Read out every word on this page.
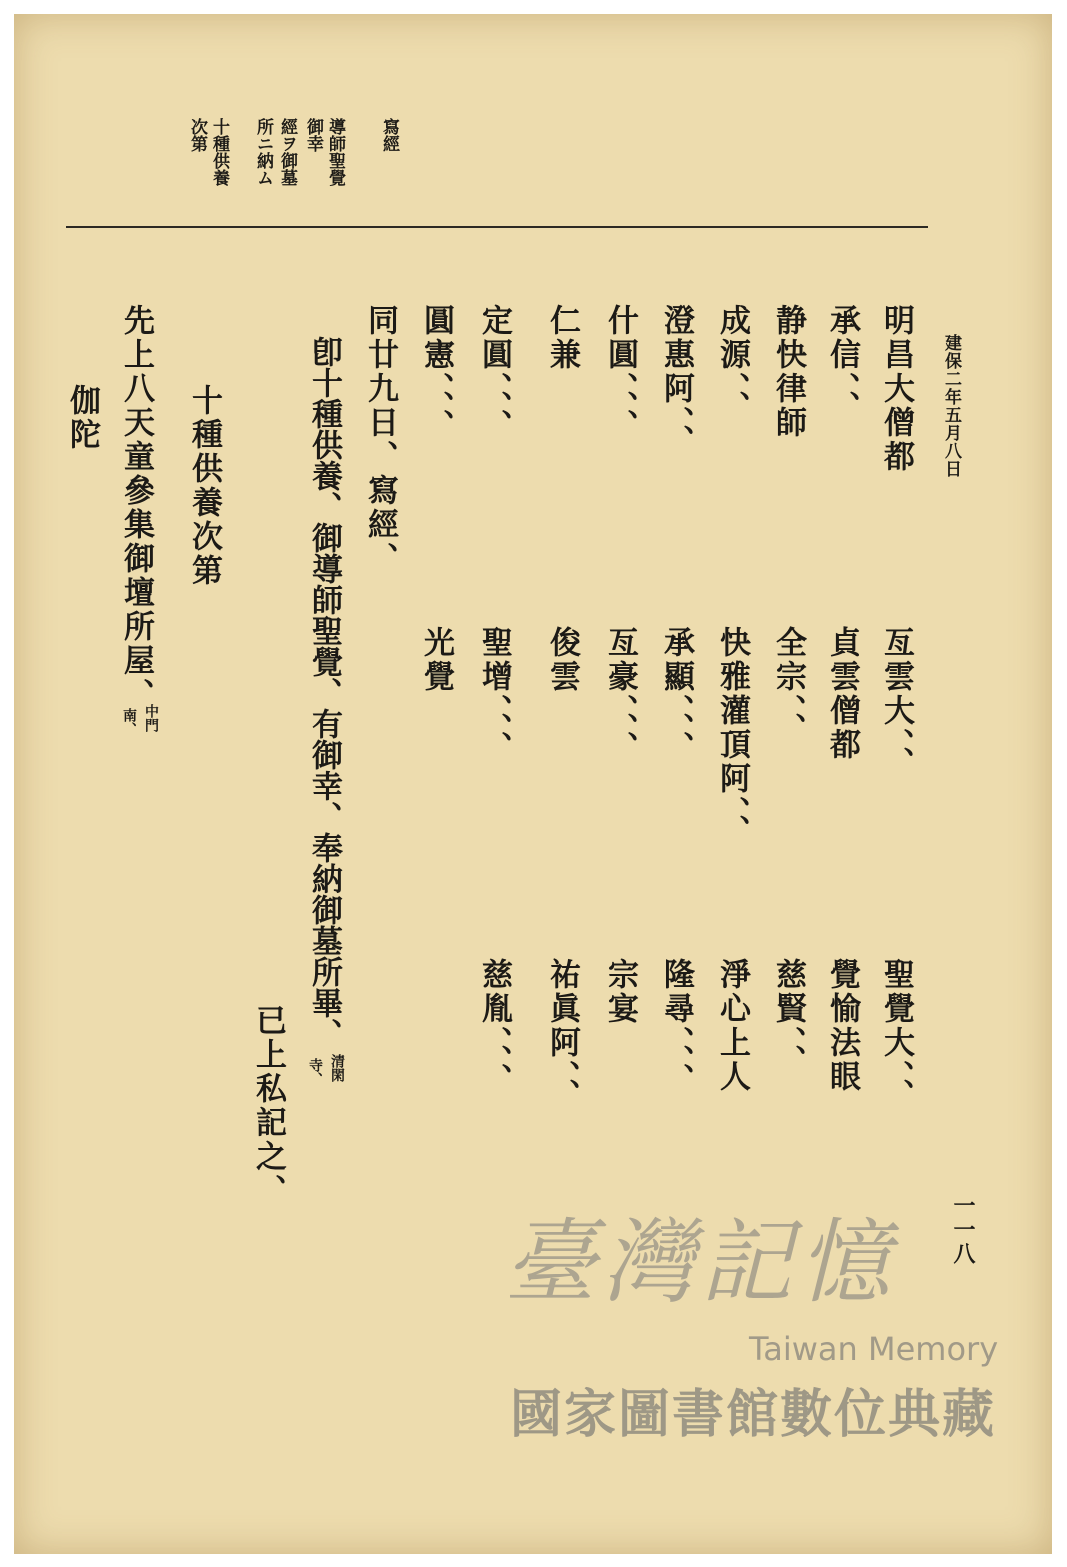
寫經
導師聖覺
御幸
經ヲ御墓
所ニ納ム
十種供養
次第
建保二年五月八日
明昌大僧都
承信、、
静快律師
成源、、
澄惠阿、、
什圓、、、
仁兼
定圓、、、
圓憲、、、
亙雲大、、
貞雲僧都
全宗、、
快雅灌頂阿、、
承顯、、、
亙豪、、、
俊雲
聖增、、、
光覺
聖覺大、、
覺愉法眼
慈賢、、
淨心上人
隆尋、、、
宗宴
祐眞阿、、
慈胤、、、
同廿九日、寫經、
卽十種供養、御導師聖覺、有御幸、奉納御墓所畢、
清閑
寺、
已上私記之、
十種供養次第
先上八天童參集御壇所屋、
中門
南、
伽陀
一一八
臺灣記憶
Taiwan Memory
國家圖書館數位典藏
